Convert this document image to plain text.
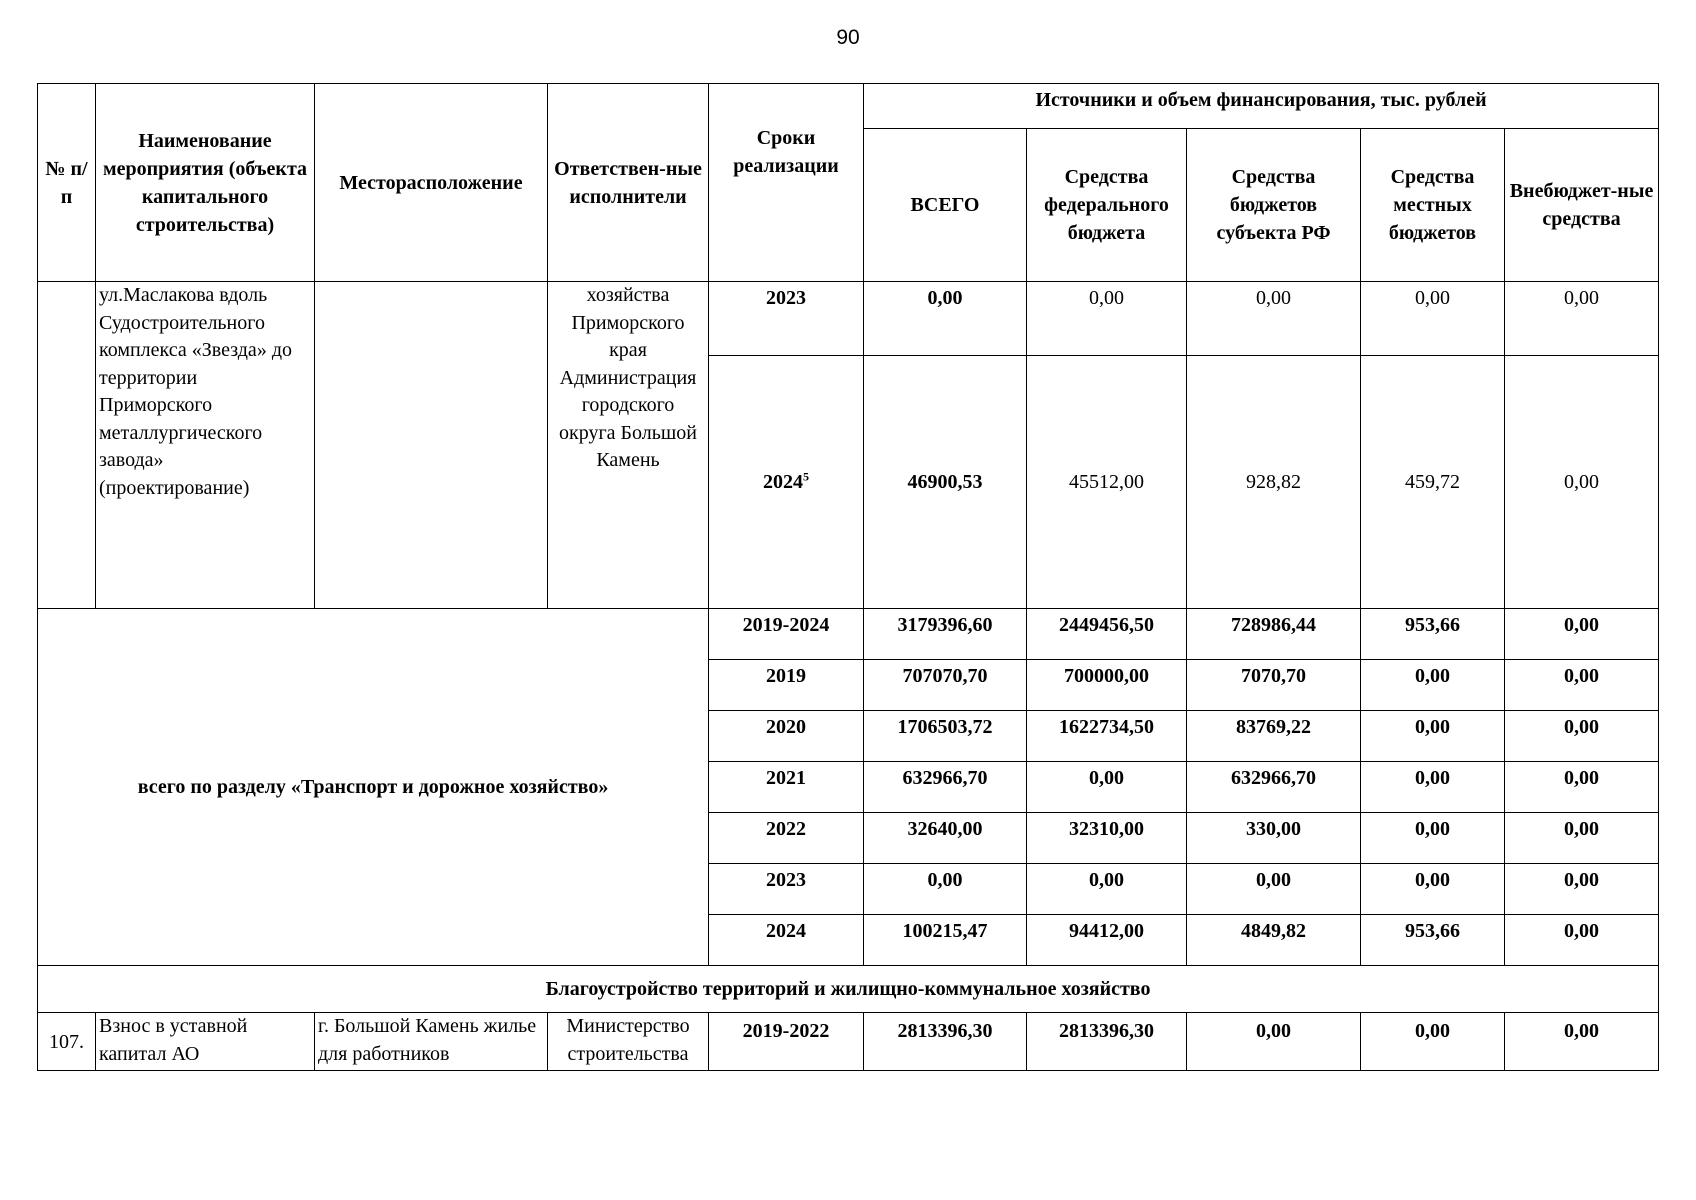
90
№ п/п	Наименование мероприятия (объекта капитального строительства)	Месторасположение	Ответствен-ные исполнители	Сроки реализации	Источники и объем финансирования, тыс. рублей				
					ВСЕГО	Средства федерального бюджета	Средства бюджетов субъекта РФ	Средства местных бюджетов	Внебюджет-ные средства
	ул.Маслакова вдоль Судостроительного комплекса «Звезда» до территории Приморского металлургического завода» (проектирование)		хозяйства Приморского края Администрация городского округа Большой Камень	2023	0,00	0,00	0,00	0,00	0,00
				2024$^5$	46900,53	45512,00	928,82	459,72	0,00
всего по разделу «Транспорт и дорожное хозяйство»				2019-2024	3179396,60	2449456,50	728986,44	953,66	0,00
				2019	707070,70	700000,00	7070,70	0,00	0,00
				2020	1706503,72	1622734,50	83769,22	0,00	0,00
				2021	632966,70	0,00	632966,70	0,00	0,00
				2022	32640,00	32310,00	330,00	0,00	0,00
				2023	0,00	0,00	0,00	0,00	0,00
				2024	100215,47	94412,00	4849,82	953,66	0,00
Благоустройство территорий и жилищно-коммунальное хозяйство									
107.	Взнос в уставной капитал АО	г. Большой Камень жилье для работников	Министерство строительства	2019-2022	2813396,30	2813396,30	0,00	0,00	0,00
